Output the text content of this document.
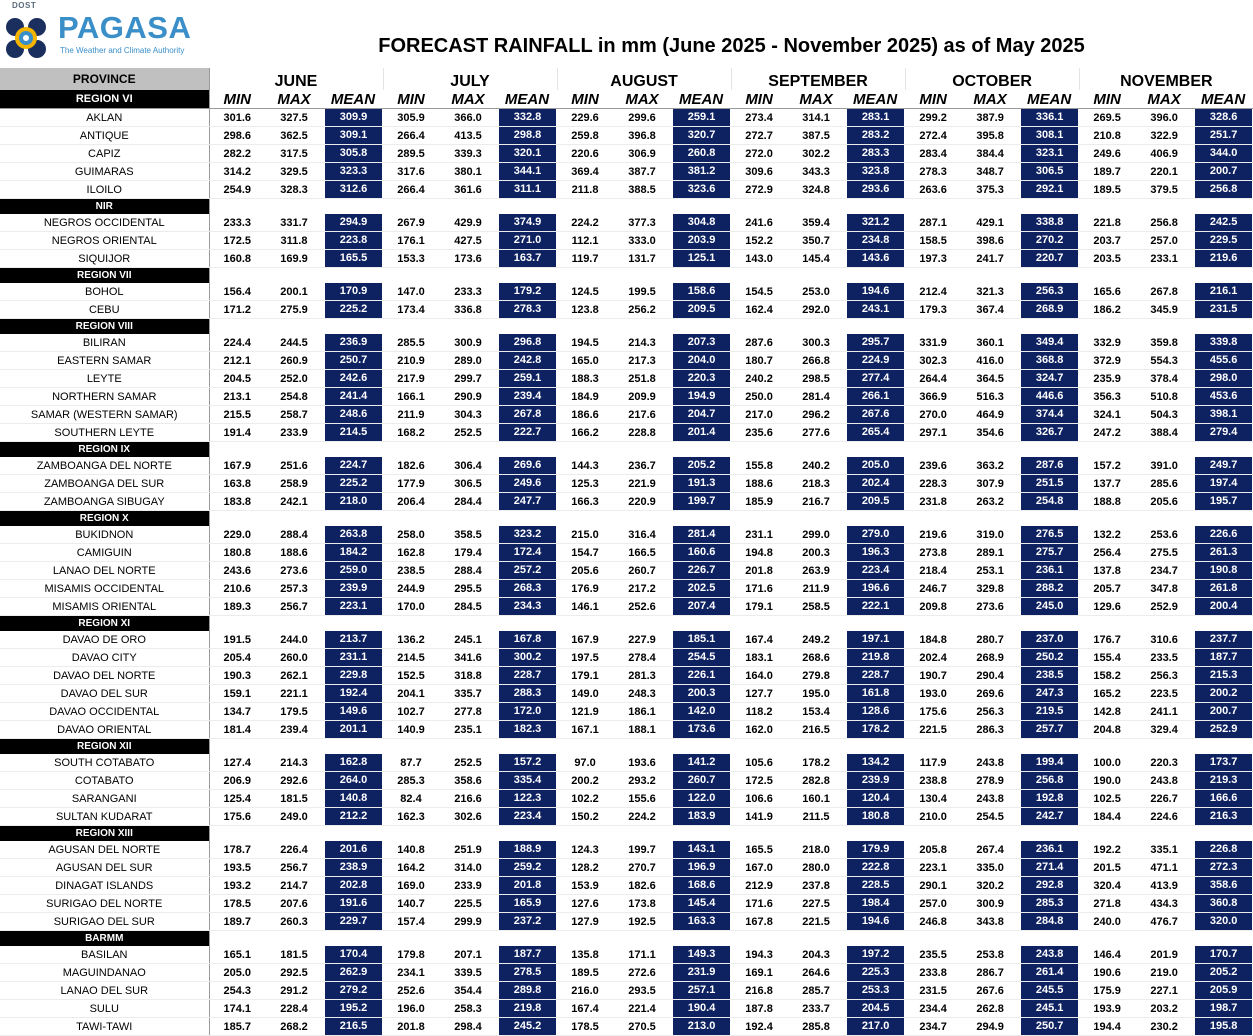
DOST
PAGASA
The Weather and Climate Authority	FORECAST RAINFALL in mm (June 2025 - November 2025) as of May 2025
PROVINCE	JUNE			JULY			AUGUST			SEPTEMBER			OCTOBER			NOVEMBER		
REGION VI	MIN	MAX	MEAN	MIN	MAX	MEAN	MIN	MAX	MEAN	MIN	MAX	MEAN	MIN	MAX	MEAN	MIN	MAX	MEAN
AKLAN	301.6	327.5	309.9	305.9	366.0	332.8	229.6	299.6	259.1	273.4	314.1	283.1	299.2	387.9	336.1	269.5	396.0	328.6

ANTIQUE	298.6	362.5	309.1	266.4	413.5	298.8	259.8	396.8	320.7	272.7	387.5	283.2	272.4	395.8	308.1	210.8	322.9	251.7

CAPIZ	282.2	317.5	305.8	289.5	339.3	320.1	220.6	306.9	260.8	272.0	302.2	283.3	283.4	384.4	323.1	249.6	406.9	344.0

GUIMARAS	314.2	329.5	323.3	317.6	380.1	344.1	369.4	387.7	381.2	309.6	343.3	323.8	278.3	348.7	306.5	189.7	220.1	200.7

ILOILO	254.9	328.3	312.6	266.4	361.6	311.1	211.8	388.5	323.6	272.9	324.8	293.6	263.6	375.3	292.1	189.5	379.5	256.8

NIR																		
NEGROS OCCIDENTAL	233.3	331.7	294.9	267.9	429.9	374.9	224.2	377.3	304.8	241.6	359.4	321.2	287.1	429.1	338.8	221.8	256.8	242.5

NEGROS ORIENTAL	172.5	311.8	223.8	176.1	427.5	271.0	112.1	333.0	203.9	152.2	350.7	234.8	158.5	398.6	270.2	203.7	257.0	229.5

SIQUIJOR	160.8	169.9	165.5	153.3	173.6	163.7	119.7	131.7	125.1	143.0	145.4	143.6	197.3	241.7	220.7	203.5	233.1	219.6

REGION VII																		
BOHOL	156.4	200.1	170.9	147.0	233.3	179.2	124.5	199.5	158.6	154.5	253.0	194.6	212.4	321.3	256.3	165.6	267.8	216.1

CEBU	171.2	275.9	225.2	173.4	336.8	278.3	123.8	256.2	209.5	162.4	292.0	243.1	179.3	367.4	268.9	186.2	345.9	231.5

REGION VIII																		
BILIRAN	224.4	244.5	236.9	285.5	300.9	296.8	194.5	214.3	207.3	287.6	300.3	295.7	331.9	360.1	349.4	332.9	359.8	339.8

EASTERN SAMAR	212.1	260.9	250.7	210.9	289.0	242.8	165.0	217.3	204.0	180.7	266.8	224.9	302.3	416.0	368.8	372.9	554.3	455.6

LEYTE	204.5	252.0	242.6	217.9	299.7	259.1	188.3	251.8	220.3	240.2	298.5	277.4	264.4	364.5	324.7	235.9	378.4	298.0

NORTHERN SAMAR	213.1	254.8	241.4	166.1	290.9	239.4	184.9	209.9	194.9	250.0	281.4	266.1	366.9	516.3	446.6	356.3	510.8	453.6

SAMAR (WESTERN SAMAR)	215.5	258.7	248.6	211.9	304.3	267.8	186.6	217.6	204.7	217.0	296.2	267.6	270.0	464.9	374.4	324.1	504.3	398.1

SOUTHERN LEYTE	191.4	233.9	214.5	168.2	252.5	222.7	166.2	228.8	201.4	235.6	277.6	265.4	297.1	354.6	326.7	247.2	388.4	279.4

REGION IX																		
ZAMBOANGA DEL NORTE	167.9	251.6	224.7	182.6	306.4	269.6	144.3	236.7	205.2	155.8	240.2	205.0	239.6	363.2	287.6	157.2	391.0	249.7

ZAMBOANGA DEL SUR	163.8	258.9	225.2	177.9	306.5	249.6	125.3	221.9	191.3	188.6	218.3	202.4	228.3	307.9	251.5	137.7	285.6	197.4

ZAMBOANGA SIBUGAY	183.8	242.1	218.0	206.4	284.4	247.7	166.3	220.9	199.7	185.9	216.7	209.5	231.8	263.2	254.8	188.8	205.6	195.7

REGION X																		
BUKIDNON	229.0	288.4	263.8	258.0	358.5	323.2	215.0	316.4	281.4	231.1	299.0	279.0	219.6	319.0	276.5	132.2	253.6	226.6

CAMIGUIN	180.8	188.6	184.2	162.8	179.4	172.4	154.7	166.5	160.6	194.8	200.3	196.3	273.8	289.1	275.7	256.4	275.5	261.3

LANAO DEL NORTE	243.6	273.6	259.0	238.5	288.4	257.2	205.6	260.7	226.7	201.8	263.9	223.4	218.4	253.1	236.1	137.8	234.7	190.8

MISAMIS OCCIDENTAL	210.6	257.3	239.9	244.9	295.5	268.3	176.9	217.2	202.5	171.6	211.9	196.6	246.7	329.8	288.2	205.7	347.8	261.8

MISAMIS ORIENTAL	189.3	256.7	223.1	170.0	284.5	234.3	146.1	252.6	207.4	179.1	258.5	222.1	209.8	273.6	245.0	129.6	252.9	200.4

REGION XI																		
DAVAO DE ORO	191.5	244.0	213.7	136.2	245.1	167.8	167.9	227.9	185.1	167.4	249.2	197.1	184.8	280.7	237.0	176.7	310.6	237.7

DAVAO CITY	205.4	260.0	231.1	214.5	341.6	300.2	197.5	278.4	254.5	183.1	268.6	219.8	202.4	268.9	250.2	155.4	233.5	187.7

DAVAO DEL NORTE	190.3	262.1	229.8	152.5	318.8	228.7	179.1	281.3	226.1	164.0	279.8	228.7	190.7	290.4	238.5	158.2	256.3	215.3

DAVAO DEL SUR	159.1	221.1	192.4	204.1	335.7	288.3	149.0	248.3	200.3	127.7	195.0	161.8	193.0	269.6	247.3	165.2	223.5	200.2

DAVAO OCCIDENTAL	134.7	179.5	149.6	102.7	277.8	172.0	121.9	186.1	142.0	118.2	153.4	128.6	175.6	256.3	219.5	142.8	241.1	200.7

DAVAO ORIENTAL	181.4	239.4	201.1	140.9	235.1	182.3	167.1	188.1	173.6	162.0	216.5	178.2	221.5	286.3	257.7	204.8	329.4	252.9

REGION XII																		
SOUTH COTABATO	127.4	214.3	162.8	87.7	252.5	157.2	97.0	193.6	141.2	105.6	178.2	134.2	117.9	243.8	199.4	100.0	220.3	173.7

COTABATO	206.9	292.6	264.0	285.3	358.6	335.4	200.2	293.2	260.7	172.5	282.8	239.9	238.8	278.9	256.8	190.0	243.8	219.3

SARANGANI	125.4	181.5	140.8	82.4	216.6	122.3	102.2	155.6	122.0	106.6	160.1	120.4	130.4	243.8	192.8	102.5	226.7	166.6

SULTAN KUDARAT	175.6	249.0	212.2	162.3	302.6	223.4	150.2	224.2	183.9	141.9	211.5	180.8	210.0	254.5	242.7	184.4	224.6	216.3

REGION XIII																		
AGUSAN DEL NORTE	178.7	226.4	201.6	140.8	251.9	188.9	124.3	199.7	143.1	165.5	218.0	179.9	205.8	267.4	236.1	192.2	335.1	226.8

AGUSAN DEL SUR	193.5	256.7	238.9	164.2	314.0	259.2	128.2	270.7	196.9	167.0	280.0	222.8	223.1	335.0	271.4	201.5	471.1	272.3

DINAGAT ISLANDS	193.2	214.7	202.8	169.0	233.9	201.8	153.9	182.6	168.6	212.9	237.8	228.5	290.1	320.2	292.8	320.4	413.9	358.6

SURIGAO DEL NORTE	178.5	207.6	191.6	140.7	225.5	165.9	127.6	173.8	145.4	171.6	227.5	198.4	257.0	300.9	285.3	271.8	434.3	360.8

SURIGAO DEL SUR	189.7	260.3	229.7	157.4	299.9	237.2	127.9	192.5	163.3	167.8	221.5	194.6	246.8	343.8	284.8	240.0	476.7	320.0

BARMM																		
BASILAN	165.1	181.5	170.4	179.8	207.1	187.7	135.8	171.1	149.3	194.3	204.3	197.2	235.5	253.8	243.8	146.4	201.9	170.7

MAGUINDANAO	205.0	292.5	262.9	234.1	339.5	278.5	189.5	272.6	231.9	169.1	264.6	225.3	233.8	286.7	261.4	190.6	219.0	205.2

LANAO DEL SUR	254.3	291.2	279.2	252.6	354.4	289.8	216.0	293.5	257.1	216.8	285.7	253.3	231.5	267.6	245.5	175.9	227.1	205.9

SULU	174.1	228.4	195.2	196.0	258.3	219.8	167.4	221.4	190.4	187.8	233.7	204.5	234.4	262.8	245.1	193.9	203.2	198.7

TAWI-TAWI	185.7	268.2	216.5	201.8	298.4	245.2	178.5	270.5	213.0	192.4	285.8	217.0	234.7	294.9	250.7	194.4	230.2	195.8
